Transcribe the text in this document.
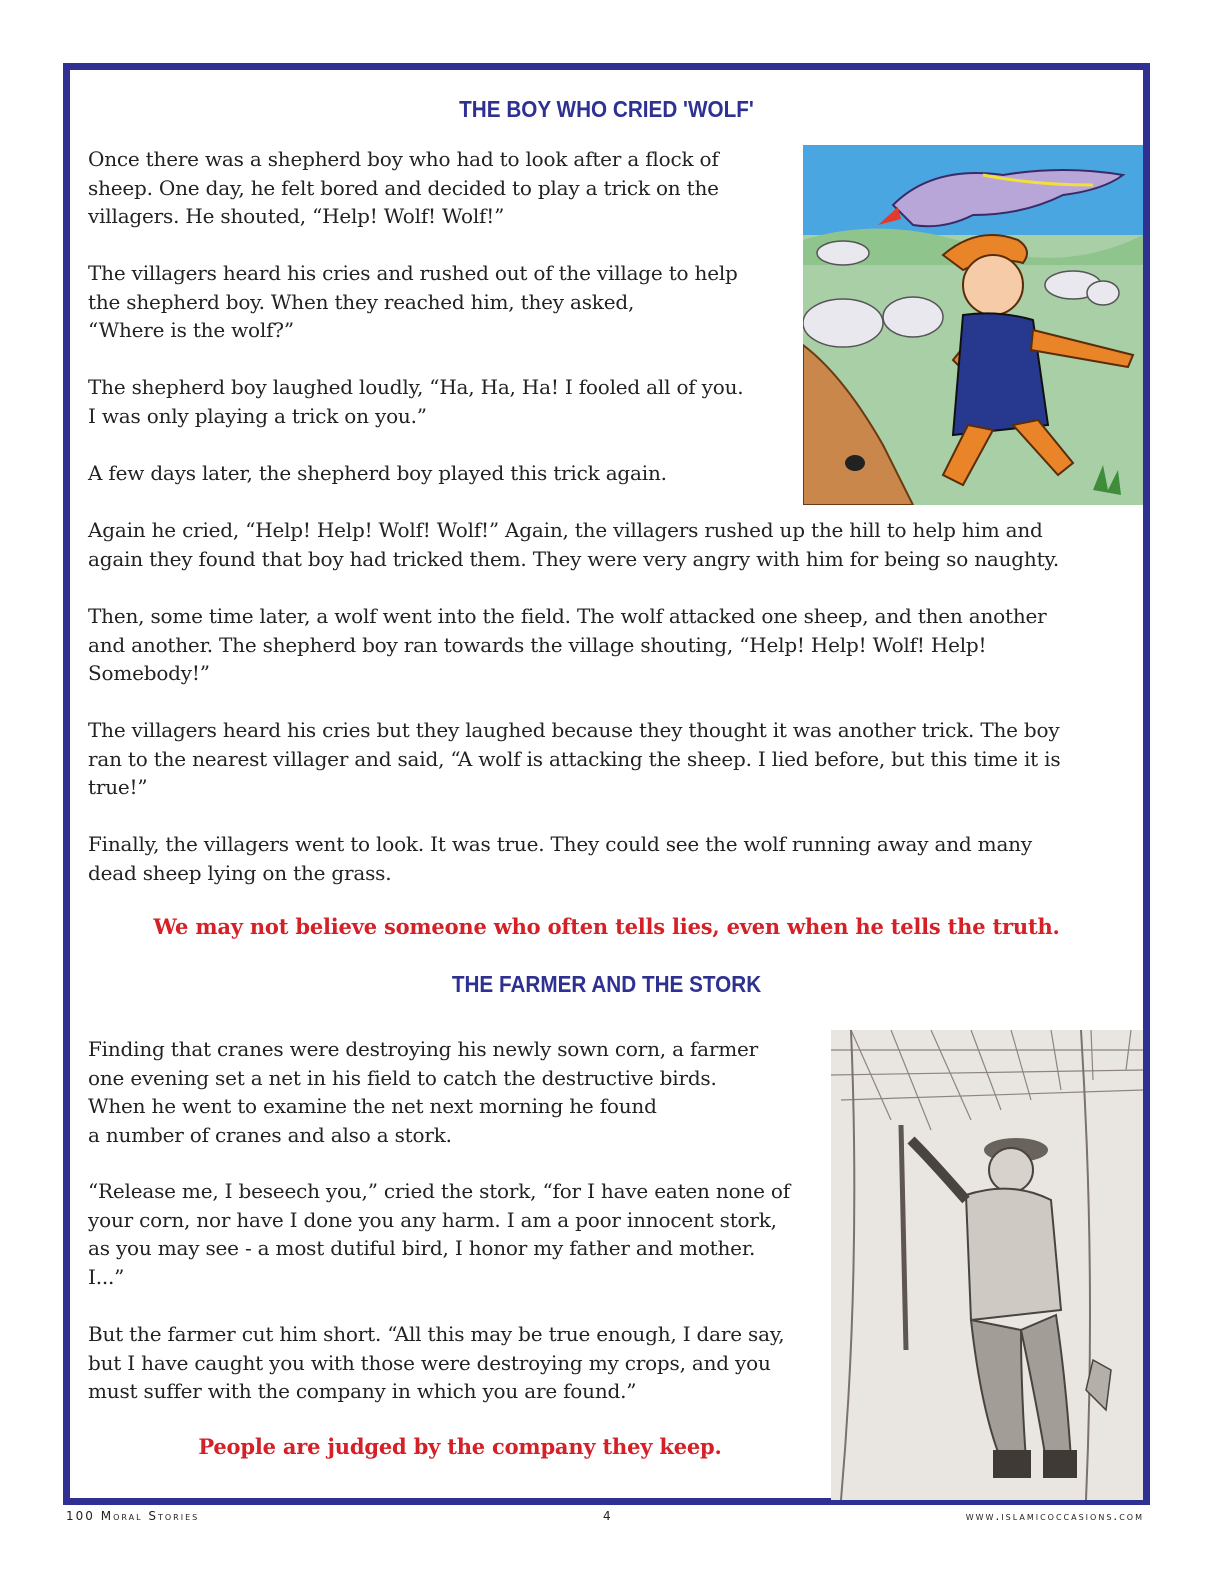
THE BOY WHO CRIED 'WOLF'

Once there was a shepherd boy who had to look after a flock of
sheep. One day, he felt bored and decided to play a trick on the
villagers. He shouted, “Help! Wolf! Wolf!”

The villagers heard his cries and rushed out of the village to help
the shepherd boy. When they reached him, they asked,
“Where is the wolf?”

The shepherd boy laughed loudly, “Ha, Ha, Ha! I fooled all of you.
I was only playing a trick on you.”

A few days later, the shepherd boy played this trick again.

Again he cried, “Help! Help! Wolf! Wolf!” Again, the villagers rushed up the hill to help him and
again they found that boy had tricked them. They were very angry with him for being so naughty.

Then, some time later, a wolf went into the field. The wolf attacked one sheep, and then another
and another. The shepherd boy ran towards the village shouting, “Help! Help! Wolf! Help!
Somebody!”

The villagers heard his cries but they laughed because they thought it was another trick. The boy
ran to the nearest villager and said, “A wolf is attacking the sheep. I lied before, but this time it is
true!”

Finally, the villagers went to look. It was true. They could see the wolf running away and many
dead sheep lying on the grass.

We may not believe someone who often tells lies, even when he tells the truth.

THE FARMER AND THE STORK

Finding that cranes were destroying his newly sown corn, a farmer
one evening set a net in his field to catch the destructive birds.
When he went to examine the net next morning he found
a number of cranes and also a stork.

“Release me, I beseech you,” cried the stork, “for I have eaten none of
your corn, nor have I done you any harm. I am a poor innocent stork,
as you may see - a most dutiful bird, I honor my father and mother.
I...”

But the farmer cut him short. “All this may be true enough, I dare say,
but I have caught you with those were destroying my crops, and you
must suffer with the company in which you are found.”

People are judged by the company they keep.

100 Moral Stories	4	www.islamicoccasions.com
